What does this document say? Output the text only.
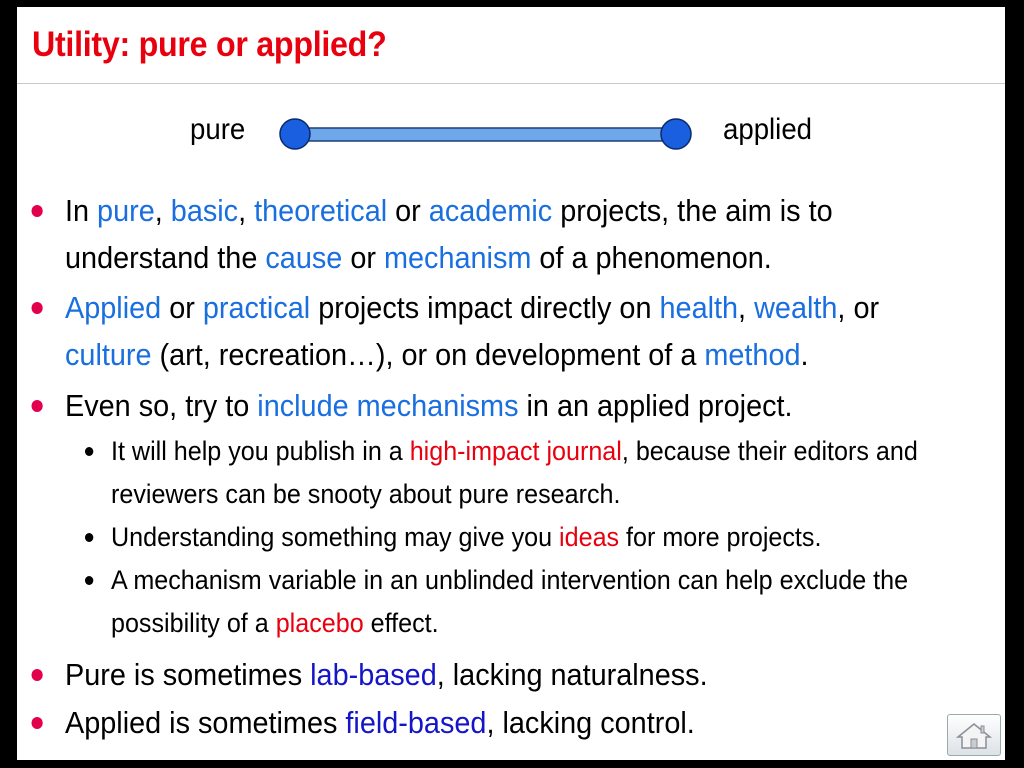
Utility: pure or applied?
pure	applied
In pure, basic, theoretical or academic projects, the aim is to understand the cause or mechanism of a phenomenon.
Applied or practical projects impact directly on health, wealth, or culture (art, recreation…), or on development of a method.
Even so, try to include mechanisms in an applied project.
It will help you publish in a high-impact journal, because their editors and reviewers can be snooty about pure research.
Understanding something may give you ideas for more projects.
A mechanism variable in an unblinded intervention can help exclude the possibility of a placebo effect.
Pure is sometimes lab-based, lacking naturalness.
Applied is sometimes field-based, lacking control.
